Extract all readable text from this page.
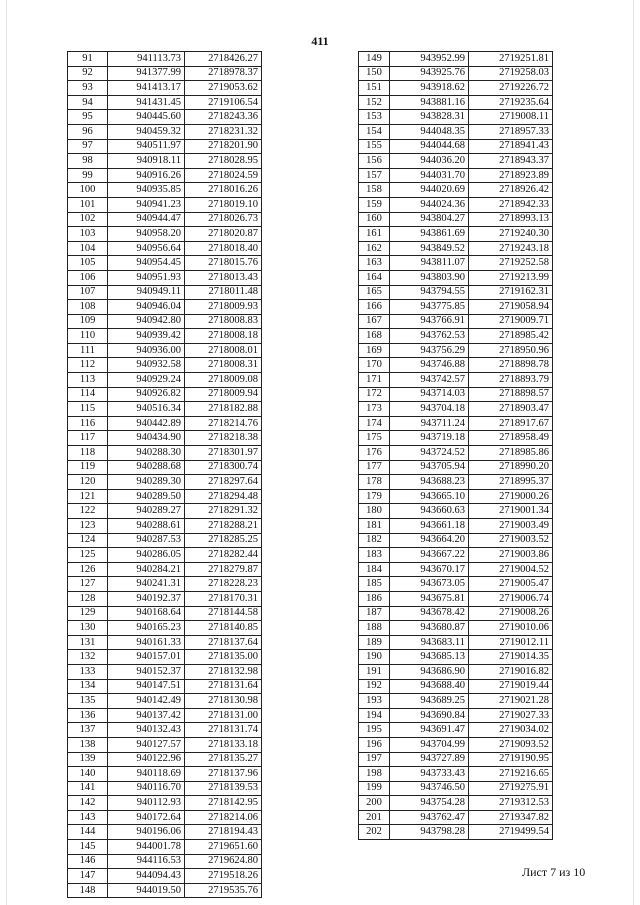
411
91	941113.73	2718426.27
92	941377.99	2718978.37
93	941413.17	2719053.62
94	941431.45	2719106.54
95	940445.60	2718243.36
96	940459.32	2718231.32
97	940511.97	2718201.90
98	940918.11	2718028.95
99	940916.26	2718024.59
100	940935.85	2718016.26
101	940941.23	2718019.10
102	940944.47	2718026.73
103	940958.20	2718020.87
104	940956.64	2718018.40
105	940954.45	2718015.76
106	940951.93	2718013.43
107	940949.11	2718011.48
108	940946.04	2718009.93
109	940942.80	2718008.83
110	940939.42	2718008.18
111	940936.00	2718008.01
112	940932.58	2718008.31
113	940929.24	2718009.08
114	940926.82	2718009.94
115	940516.34	2718182.88
116	940442.89	2718214.76
117	940434.90	2718218.38
118	940288.30	2718301.97
119	940288.68	2718300.74
120	940289.30	2718297.64
121	940289.50	2718294.48
122	940289.27	2718291.32
123	940288.61	2718288.21
124	940287.53	2718285.25
125	940286.05	2718282.44
126	940284.21	2718279.87
127	940241.31	2718228.23
128	940192.37	2718170.31
129	940168.64	2718144.58
130	940165.23	2718140.85
131	940161.33	2718137.64
132	940157.01	2718135.00
133	940152.37	2718132.98
134	940147.51	2718131.64
135	940142.49	2718130.98
136	940137.42	2718131.00
137	940132.43	2718131.74
138	940127.57	2718133.18
139	940122.96	2718135.27
140	940118.69	2718137.96
141	940116.70	2718139.53
142	940112.93	2718142.95
143	940172.64	2718214.06
144	940196.06	2718194.43
145	944001.78	2719651.60
146	944116.53	2719624.80
147	944094.43	2719518.26
148	944019.50	2719535.76
149	943952.99	2719251.81
150	943925.76	2719258.03
151	943918.62	2719226.72
152	943881.16	2719235.64
153	943828.31	2719008.11
154	944048.35	2718957.33
155	944044.68	2718941.43
156	944036.20	2718943.37
157	944031.70	2718923.89
158	944020.69	2718926.42
159	944024.36	2718942.33
160	943804.27	2718993.13
161	943861.69	2719240.30
162	943849.52	2719243.18
163	943811.07	2719252.58
164	943803.90	2719213.99
165	943794.55	2719162.31
166	943775.85	2719058.94
167	943766.91	2719009.71
168	943762.53	2718985.42
169	943756.29	2718950.96
170	943746.88	2718898.78
171	943742.57	2718893.79
172	943714.03	2718898.57
173	943704.18	2718903.47
174	943711.24	2718917.67
175	943719.18	2718958.49
176	943724.52	2718985.86
177	943705.94	2718990.20
178	943688.23	2718995.37
179	943665.10	2719000.26
180	943660.63	2719001.34
181	943661.18	2719003.49
182	943664.20	2719003.52
183	943667.22	2719003.86
184	943670.17	2719004.52
185	943673.05	2719005.47
186	943675.81	2719006.74
187	943678.42	2719008.26
188	943680.87	2719010.06
189	943683.11	2719012.11
190	943685.13	2719014.35
191	943686.90	2719016.82
192	943688.40	2719019.44
193	943689.25	2719021.28
194	943690.84	2719027.33
195	943691.47	2719034.02
196	943704.99	2719093.52
197	943727.89	2719190.95
198	943733.43	2719216.65
199	943746.50	2719275.91
200	943754.28	2719312.53
201	943762.47	2719347.82
202	943798.28	2719499.54
Лист 7 из 10
